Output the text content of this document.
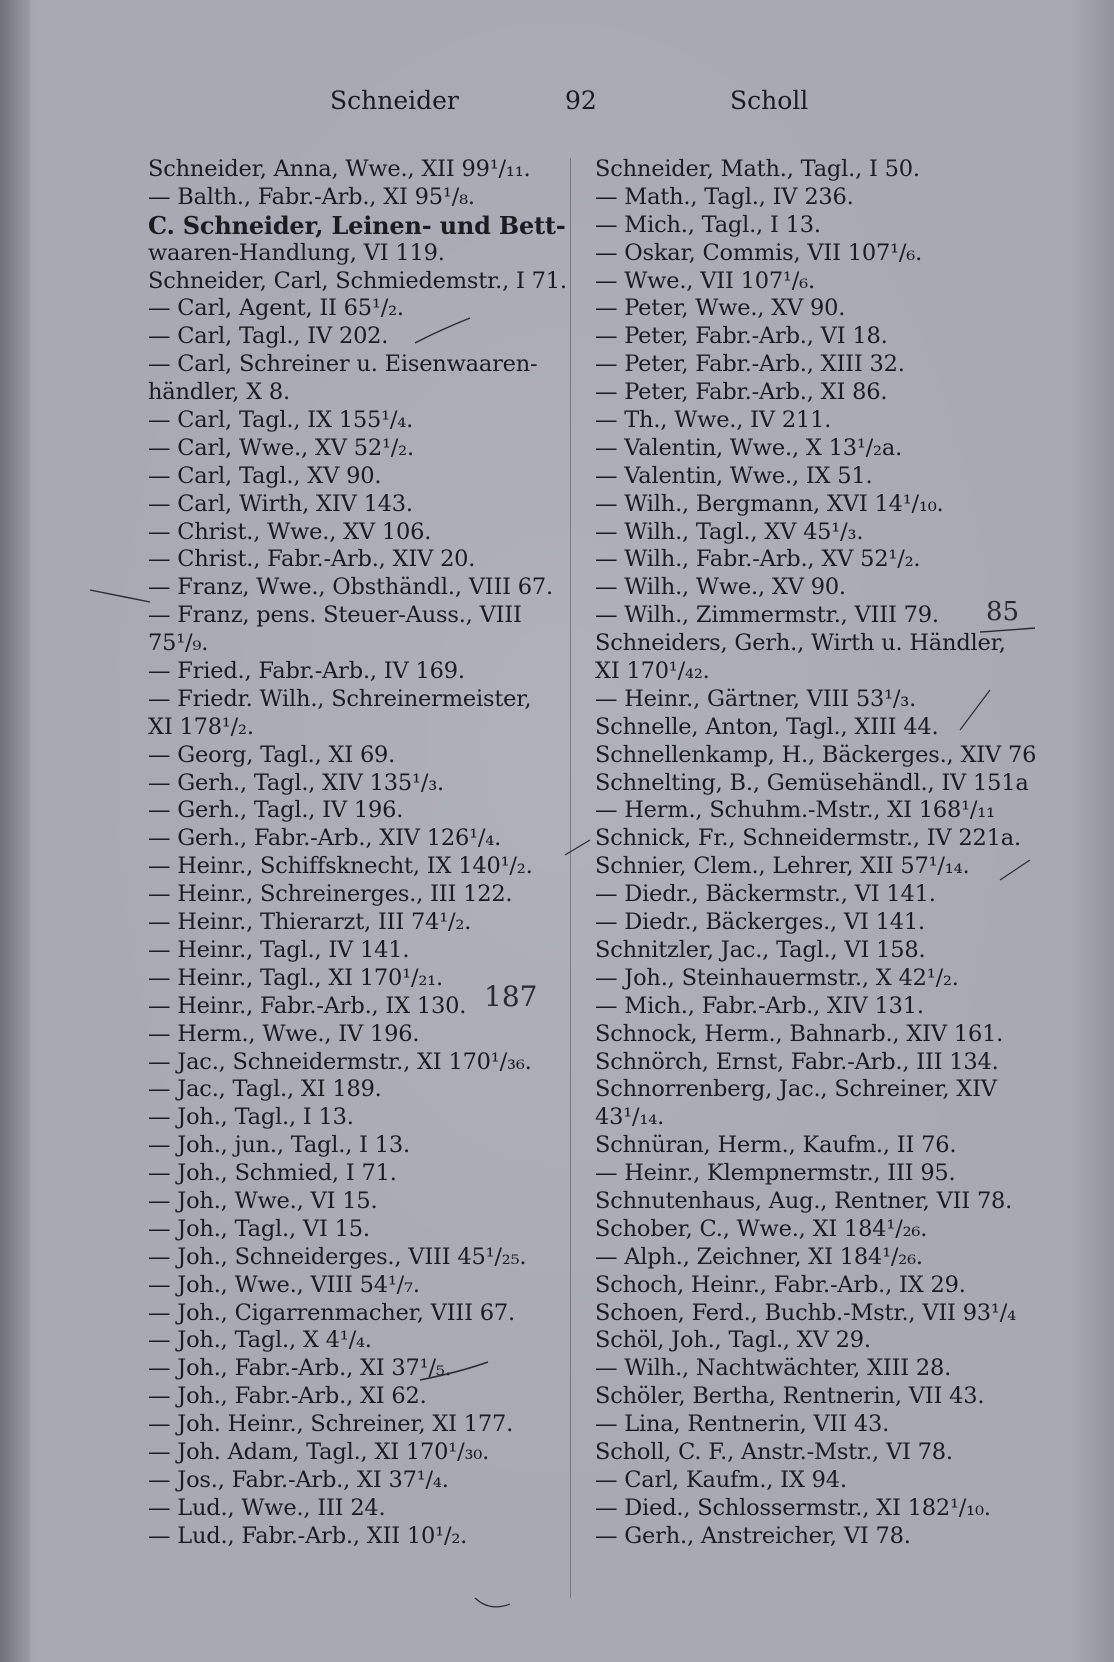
Schneider	92	Scholl
Schneider, Anna, Wwe., XII 99¹/₁₁.
— Balth., Fabr.-Arb., XI 95¹/₈.
C. Schneider, Leinen- und Bett-
waaren-Handlung, VI 119.
Schneider, Carl, Schmiedemstr., I 71.
— Carl, Agent, II 65¹/₂.
— Carl, Tagl., IV 202.
— Carl, Schreiner u. Eisenwaaren-
händler, X 8.
— Carl, Tagl., IX 155¹/₄.
— Carl, Wwe., XV 52¹/₂.
— Carl, Tagl., XV 90.
— Carl, Wirth, XIV 143.
— Christ., Wwe., XV 106.
— Christ., Fabr.-Arb., XIV 20.
— Franz, Wwe., Obsthändl., VIII 67.
— Franz, pens. Steuer-Auss., VIII
75¹/₉.
— Fried., Fabr.-Arb., IV 169.
— Friedr. Wilh., Schreinermeister,
XI 178¹/₂.
— Georg, Tagl., XI 69.
— Gerh., Tagl., XIV 135¹/₃.
— Gerh., Tagl., IV 196.
— Gerh., Fabr.-Arb., XIV 126¹/₄.
— Heinr., Schiffsknecht, IX 140¹/₂.
— Heinr., Schreinerges., III 122.
— Heinr., Thierarzt, III 74¹/₂.
— Heinr., Tagl., IV 141.
— Heinr., Tagl., XI 170¹/₂₁.
— Heinr., Fabr.-Arb., IX 130.
— Herm., Wwe., IV 196.
— Jac., Schneidermstr., XI 170¹/₃₆.
— Jac., Tagl., XI 189.
— Joh., Tagl., I 13.
— Joh., jun., Tagl., I 13.
— Joh., Schmied, I 71.
— Joh., Wwe., VI 15.
— Joh., Tagl., VI 15.
— Joh., Schneiderges., VIII 45¹/₂₅.
— Joh., Wwe., VIII 54¹/₇.
— Joh., Cigarrenmacher, VIII 67.
— Joh., Tagl., X 4¹/₄.
— Joh., Fabr.-Arb., XI 37¹/₅.
— Joh., Fabr.-Arb., XI 62.
— Joh. Heinr., Schreiner, XI 177.
— Joh. Adam, Tagl., XI 170¹/₃₀.
— Jos., Fabr.-Arb., XI 37¹/₄.
— Lud., Wwe., III 24.
— Lud., Fabr.-Arb., XII 10¹/₂.
Schneider, Math., Tagl., I 50.
— Math., Tagl., IV 236.
— Mich., Tagl., I 13.
— Oskar, Commis, VII 107¹/₆.
— Wwe., VII 107¹/₆.
— Peter, Wwe., XV 90.
— Peter, Fabr.-Arb., VI 18.
— Peter, Fabr.-Arb., XIII 32.
— Peter, Fabr.-Arb., XI 86.
— Th., Wwe., IV 211.
— Valentin, Wwe., X 13¹/₂a.
— Valentin, Wwe., IX 51.
— Wilh., Bergmann, XVI 14¹/₁₀.
— Wilh., Tagl., XV 45¹/₃.
— Wilh., Fabr.-Arb., XV 52¹/₂.
— Wilh., Wwe., XV 90.
— Wilh., Zimmermstr., VIII 79.
Schneiders, Gerh., Wirth u. Händler,
XI 170¹/₄₂.
— Heinr., Gärtner, VIII 53¹/₃.
Schnelle, Anton, Tagl., XIII 44.
Schnellenkamp, H., Bäckerges., XIV 76
Schnelting, B., Gemüsehändl., IV 151a
— Herm., Schuhm.-Mstr., XI 168¹/₁₁
Schnick, Fr., Schneidermstr., IV 221a.
Schnier, Clem., Lehrer, XII 57¹/₁₄.
— Diedr., Bäckermstr., VI 141.
— Diedr., Bäckerges., VI 141.
Schnitzler, Jac., Tagl., VI 158.
— Joh., Steinhauermstr., X 42¹/₂.
— Mich., Fabr.-Arb., XIV 131.
Schnock, Herm., Bahnarb., XIV 161.
Schnörch, Ernst, Fabr.-Arb., III 134.
Schnorrenberg, Jac., Schreiner, XIV
43¹/₁₄.
Schnüran, Herm., Kaufm., II 76.
— Heinr., Klempnermstr., III 95.
Schnutenhaus, Aug., Rentner, VII 78.
Schober, C., Wwe., XI 184¹/₂₆.
— Alph., Zeichner, XI 184¹/₂₆.
Schoch, Heinr., Fabr.-Arb., IX 29.
Schoen, Ferd., Buchb.-Mstr., VII 93¹/₄
Schöl, Joh., Tagl., XV 29.
— Wilh., Nachtwächter, XIII 28.
Schöler, Bertha, Rentnerin, VII 43.
— Lina, Rentnerin, VII 43.
Scholl, C. F., Anstr.-Mstr., VI 78.
— Carl, Kaufm., IX 94.
— Died., Schlossermstr., XI 182¹/₁₀.
— Gerh., Anstreicher, VI 78.
187
85
